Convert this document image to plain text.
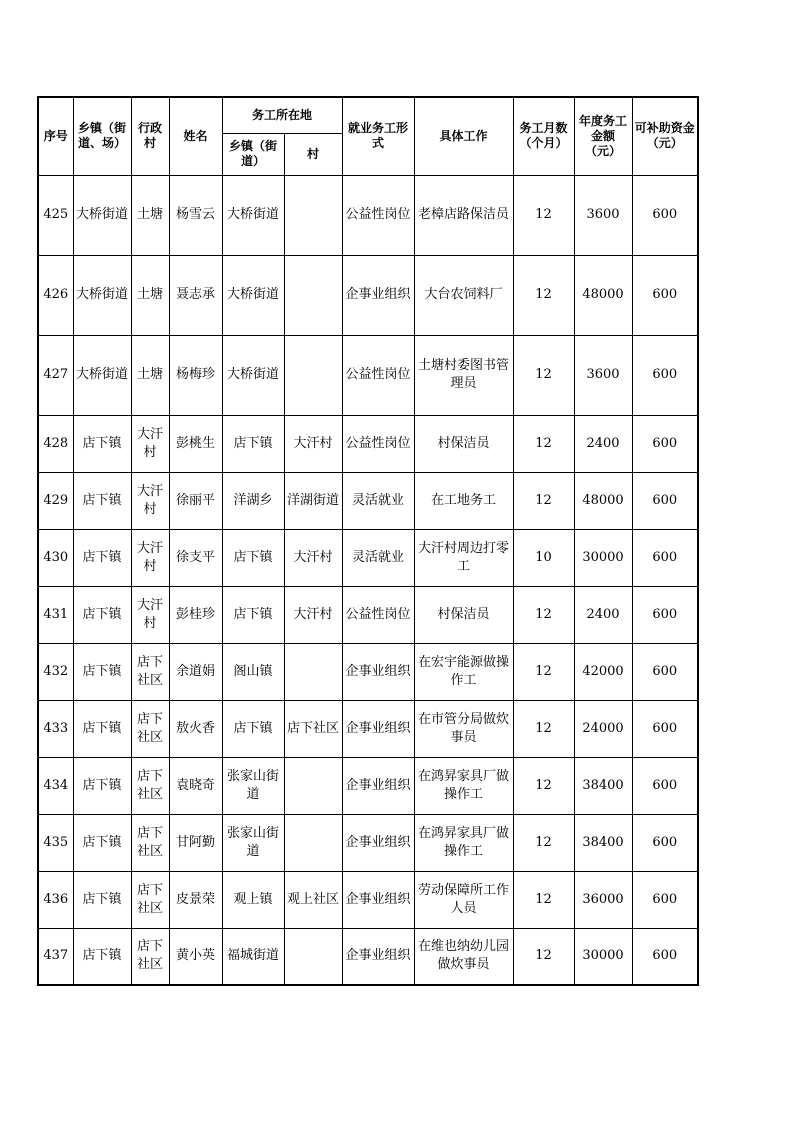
序号	乡镇（街道、场）	行政村	姓名	务工所在地		就业务工形式	具体工作	务工月数（个月）	年度务工金额（元）	可补助资金（元）
				乡镇（街道）	村					
425	大桥街道	土塘	杨雪云	大桥街道		公益性岗位	老樟店路保洁员	12	3600	600
426	大桥街道	土塘	聂志承	大桥街道		企事业组织	大台农饲料厂	12	48000	600
427	大桥街道	土塘	杨梅珍	大桥街道		公益性岗位	土塘村委图书管理员	12	3600	600
428	店下镇	大汗村	彭桃生	店下镇	大汗村	公益性岗位	村保洁员	12	2400	600
429	店下镇	大汗村	徐丽平	洋湖乡	洋湖街道	灵活就业	在工地务工	12	48000	600
430	店下镇	大汗村	徐支平	店下镇	大汗村	灵活就业	大汗村周边打零工	10	30000	600
431	店下镇	大汗村	彭桂珍	店下镇	大汗村	公益性岗位	村保洁员	12	2400	600
432	店下镇	店下社区	余道娟	阁山镇		企事业组织	在宏宇能源做操作工	12	42000	600
433	店下镇	店下社区	敖火香	店下镇	店下社区	企事业组织	在市管分局做炊事员	12	24000	600
434	店下镇	店下社区	袁晓奇	张家山街道		企事业组织	在鸿昇家具厂做操作工	12	38400	600
435	店下镇	店下社区	甘阿勤	张家山街道		企事业组织	在鸿昇家具厂做操作工	12	38400	600
436	店下镇	店下社区	皮景荣	观上镇	观上社区	企事业组织	劳动保障所工作人员	12	36000	600
437	店下镇	店下社区	黄小英	福城街道		企事业组织	在维也纳幼儿园做炊事员	12	30000	600
